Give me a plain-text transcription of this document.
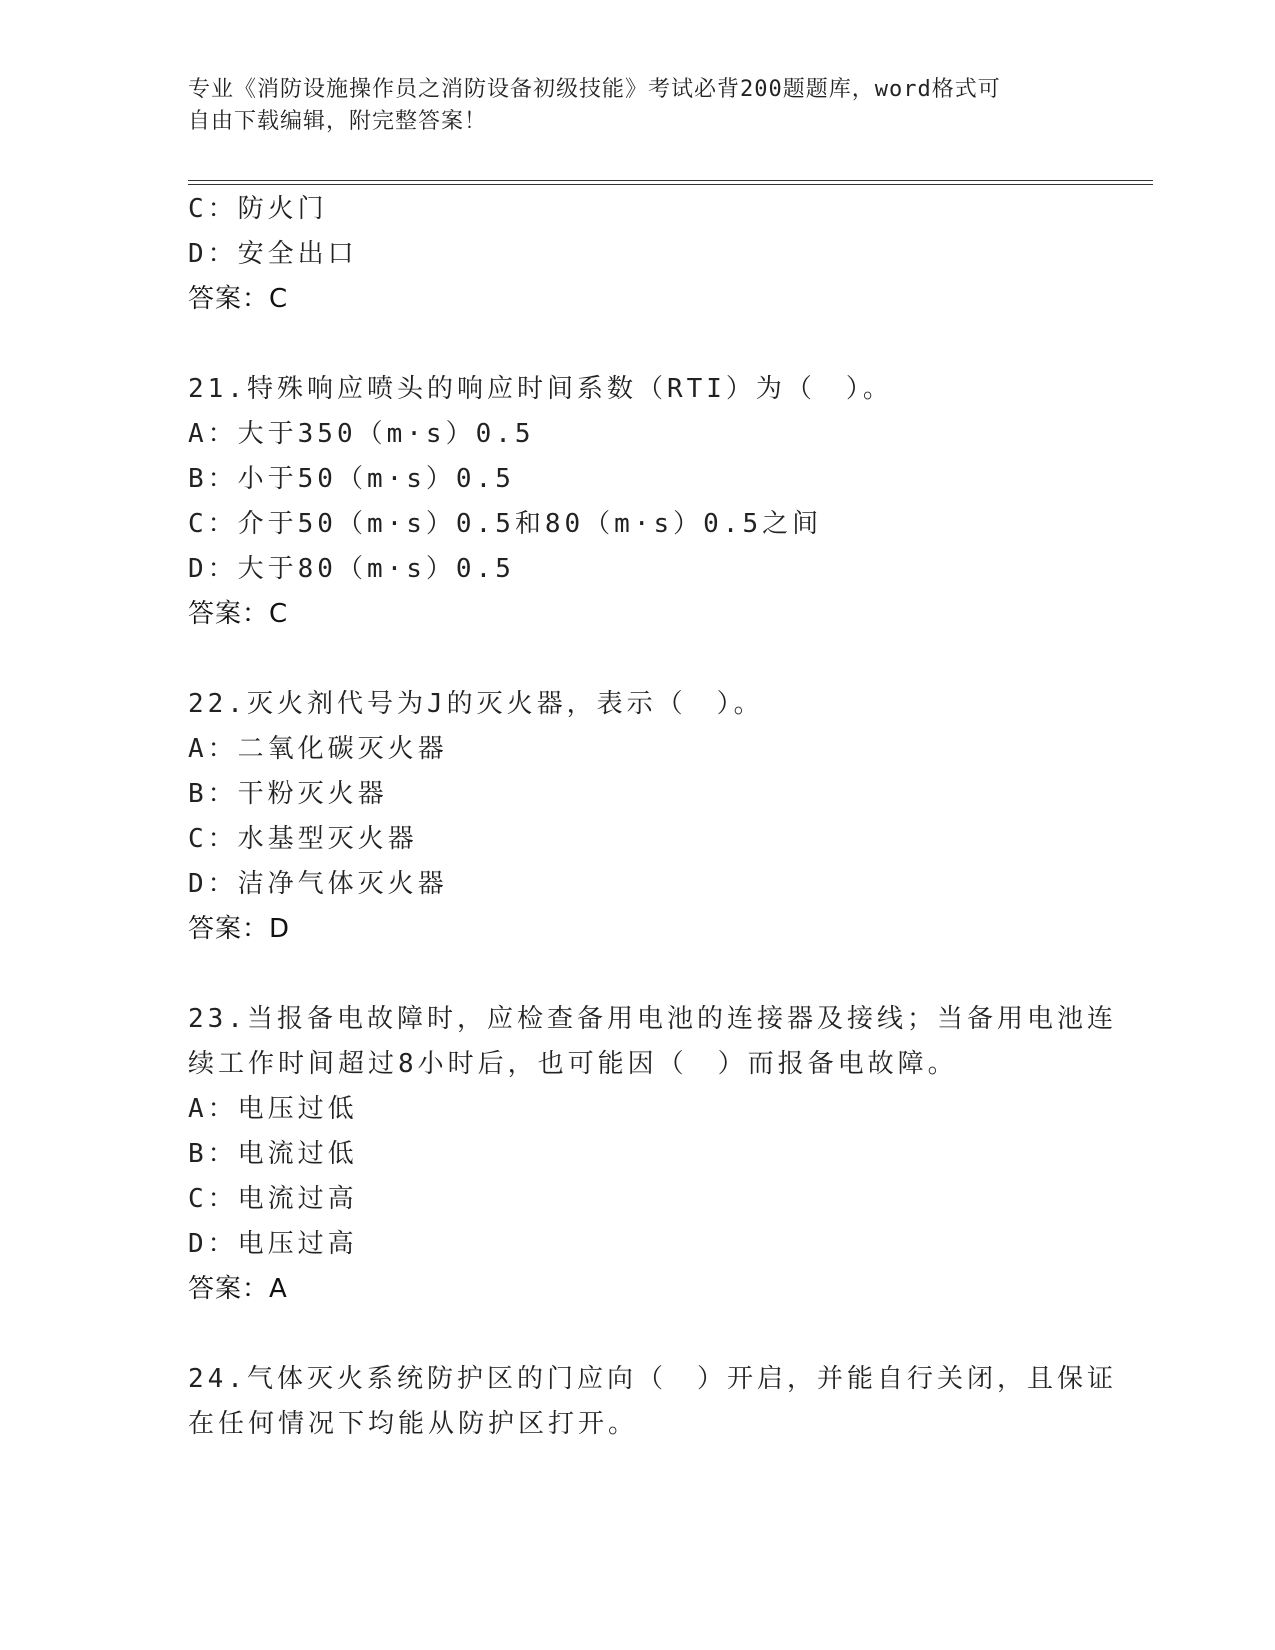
专业《消防设施操作员之消防设备初级技能》考试必背200题题库，word格式可
自由下载编辑，附完整答案！
C：防火门
D：安全出口
答案：C
21.特殊响应喷头的响应时间系数（RTI）为（　）。
A：大于350（m·s）0.5
B：小于50（m·s）0.5
C：介于50（m·s）0.5和80（m·s）0.5之间
D：大于80（m·s）0.5
答案：C
22.灭火剂代号为J的灭火器，表示（　）。
A：二氧化碳灭火器
B：干粉灭火器
C：水基型灭火器
D：洁净气体灭火器
答案：D
23.当报备电故障时，应检查备用电池的连接器及接线；当备用电池连
续工作时间超过8小时后，也可能因（　）而报备电故障。
A：电压过低
B：电流过低
C：电流过高
D：电压过高
答案：A
24.气体灭火系统防护区的门应向（　）开启，并能自行关闭，且保证
在任何情况下均能从防护区打开。
